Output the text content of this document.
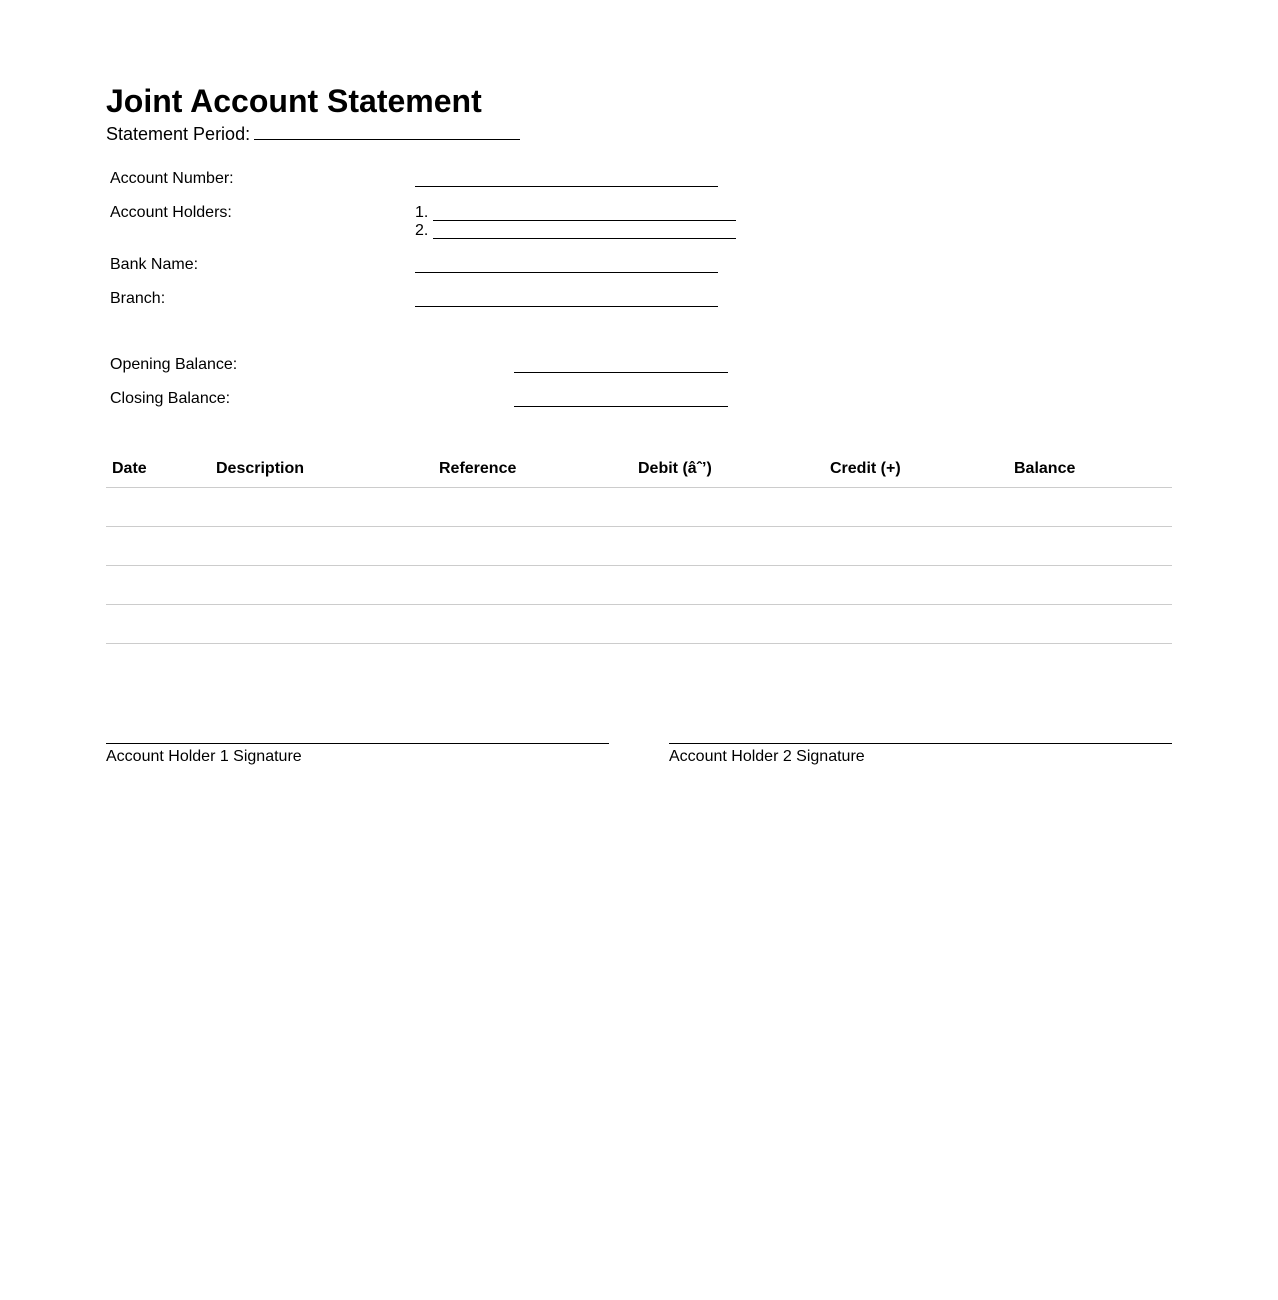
Joint Account Statement
Statement Period:
Account Number:
Account Holders:	1.
2.
Bank Name:
Branch:
Opening Balance:
Closing Balance:
Date	Description	Reference	Debit (âˆ’)	Credit (+)	Balance

Account Holder 1 Signature	Account Holder 2 Signature
